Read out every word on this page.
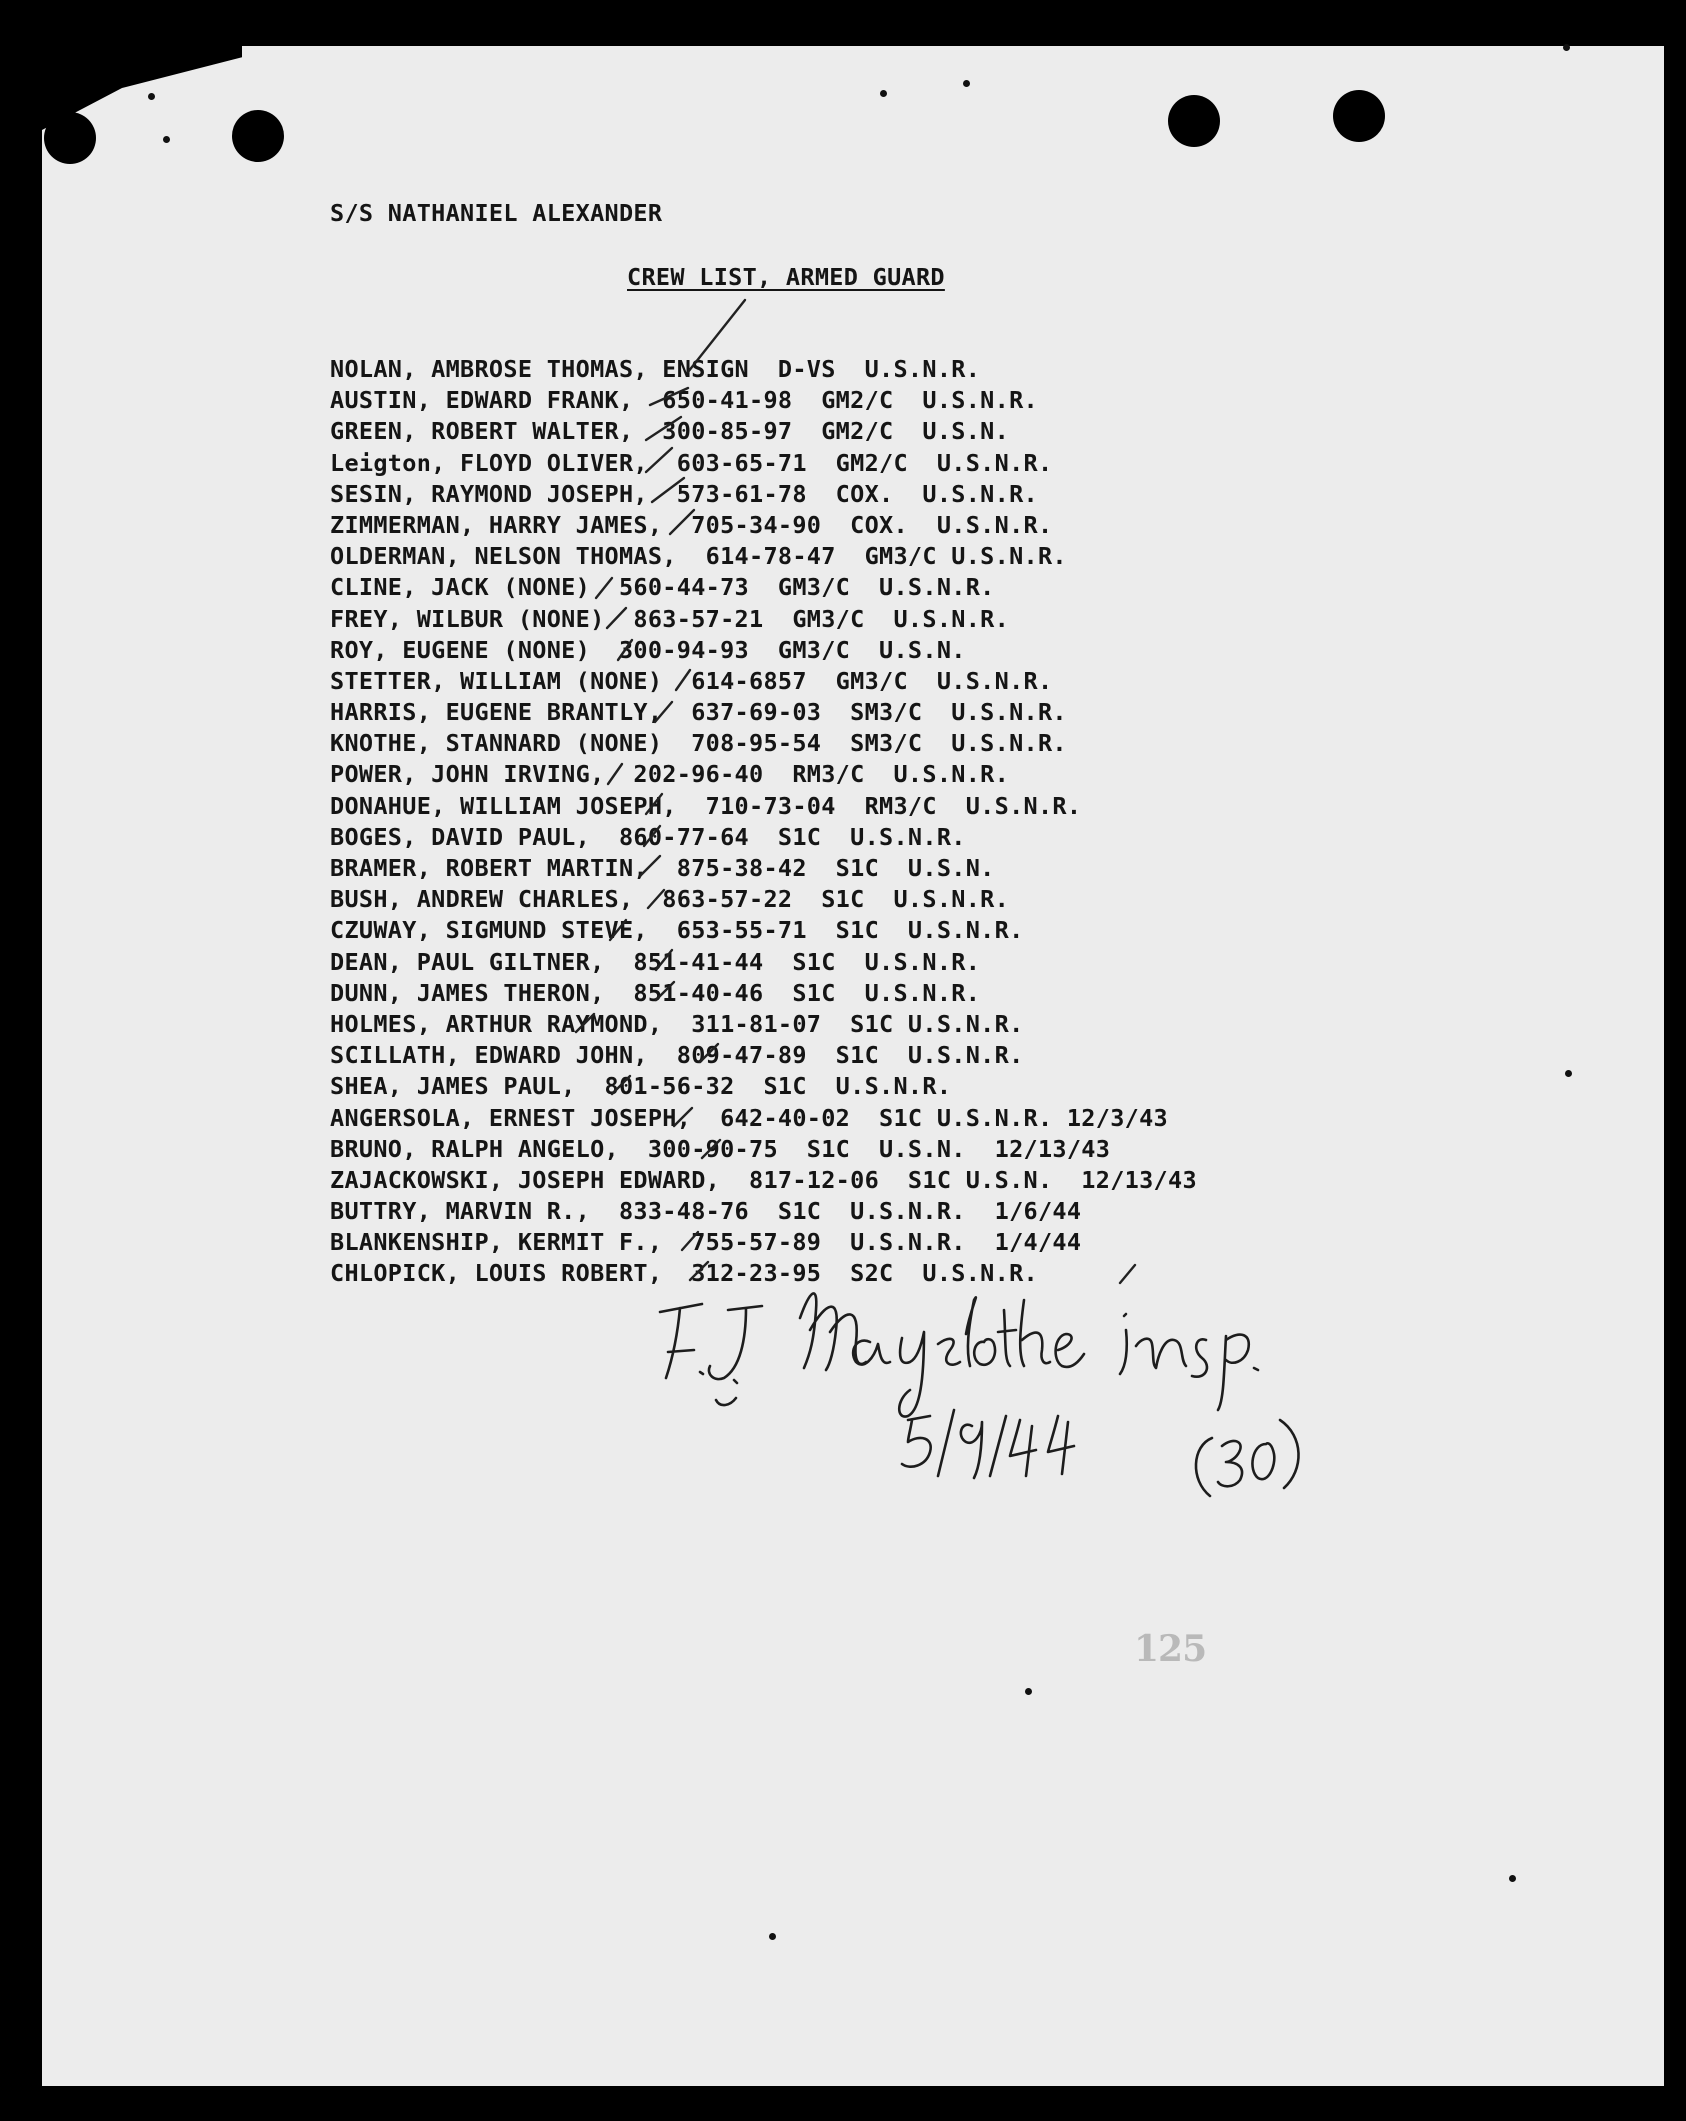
S/S NATHANIEL ALEXANDER
CREW LIST, ARMED GUARD
NOLAN, AMBROSE THOMAS, ENSIGN  D-VS  U.S.N.R.
AUSTIN, EDWARD FRANK,  650-41-98  GM2/C  U.S.N.R.
GREEN, ROBERT WALTER,  300-85-97  GM2/C  U.S.N.
Leigton, FLOYD OLIVER,  603-65-71  GM2/C  U.S.N.R.
SESIN, RAYMOND JOSEPH,  573-61-78  COX.  U.S.N.R.
ZIMMERMAN, HARRY JAMES,  705-34-90  COX.  U.S.N.R.
OLDERMAN, NELSON THOMAS,  614-78-47  GM3/C U.S.N.R.
CLINE, JACK (NONE)  560-44-73  GM3/C  U.S.N.R.
FREY, WILBUR (NONE)  863-57-21  GM3/C  U.S.N.R.
ROY, EUGENE (NONE)  300-94-93  GM3/C  U.S.N.
STETTER, WILLIAM (NONE)  614-6857  GM3/C  U.S.N.R.
HARRIS, EUGENE BRANTLY,  637-69-03  SM3/C  U.S.N.R.
KNOTHE, STANNARD (NONE)  708-95-54  SM3/C  U.S.N.R.
POWER, JOHN IRVING,  202-96-40  RM3/C  U.S.N.R.
DONAHUE, WILLIAM JOSEPH,  710-73-04  RM3/C  U.S.N.R.
BOGES, DAVID PAUL,  860-77-64  S1C  U.S.N.R.
BRAMER, ROBERT MARTIN,  875-38-42  S1C  U.S.N.
BUSH, ANDREW CHARLES,  863-57-22  S1C  U.S.N.R.
CZUWAY, SIGMUND STEVE,  653-55-71  S1C  U.S.N.R.
DEAN, PAUL GILTNER,  851-41-44  S1C  U.S.N.R.
DUNN, JAMES THERON,  851-40-46  S1C  U.S.N.R.
HOLMES, ARTHUR RAYMOND,  311-81-07  S1C U.S.N.R.
SCILLATH, EDWARD JOHN,  809-47-89  S1C  U.S.N.R.
SHEA, JAMES PAUL,  801-56-32  S1C  U.S.N.R.
ANGERSOLA, ERNEST JOSEPH,  642-40-02  S1C U.S.N.R. 12/3/43
BRUNO, RALPH ANGELO,  300-90-75  S1C  U.S.N.  12/13/43
ZAJACKOWSKI, JOSEPH EDWARD,  817-12-06  S1C U.S.N.  12/13/43
BUTTRY, MARVIN R.,  833-48-76  S1C  U.S.N.R.  1/6/44
BLANKENSHIP, KERMIT F.,  755-57-89  U.S.N.R.  1/4/44
CHLOPICK, LOUIS ROBERT,  312-23-95  S2C  U.S.N.R.
125
